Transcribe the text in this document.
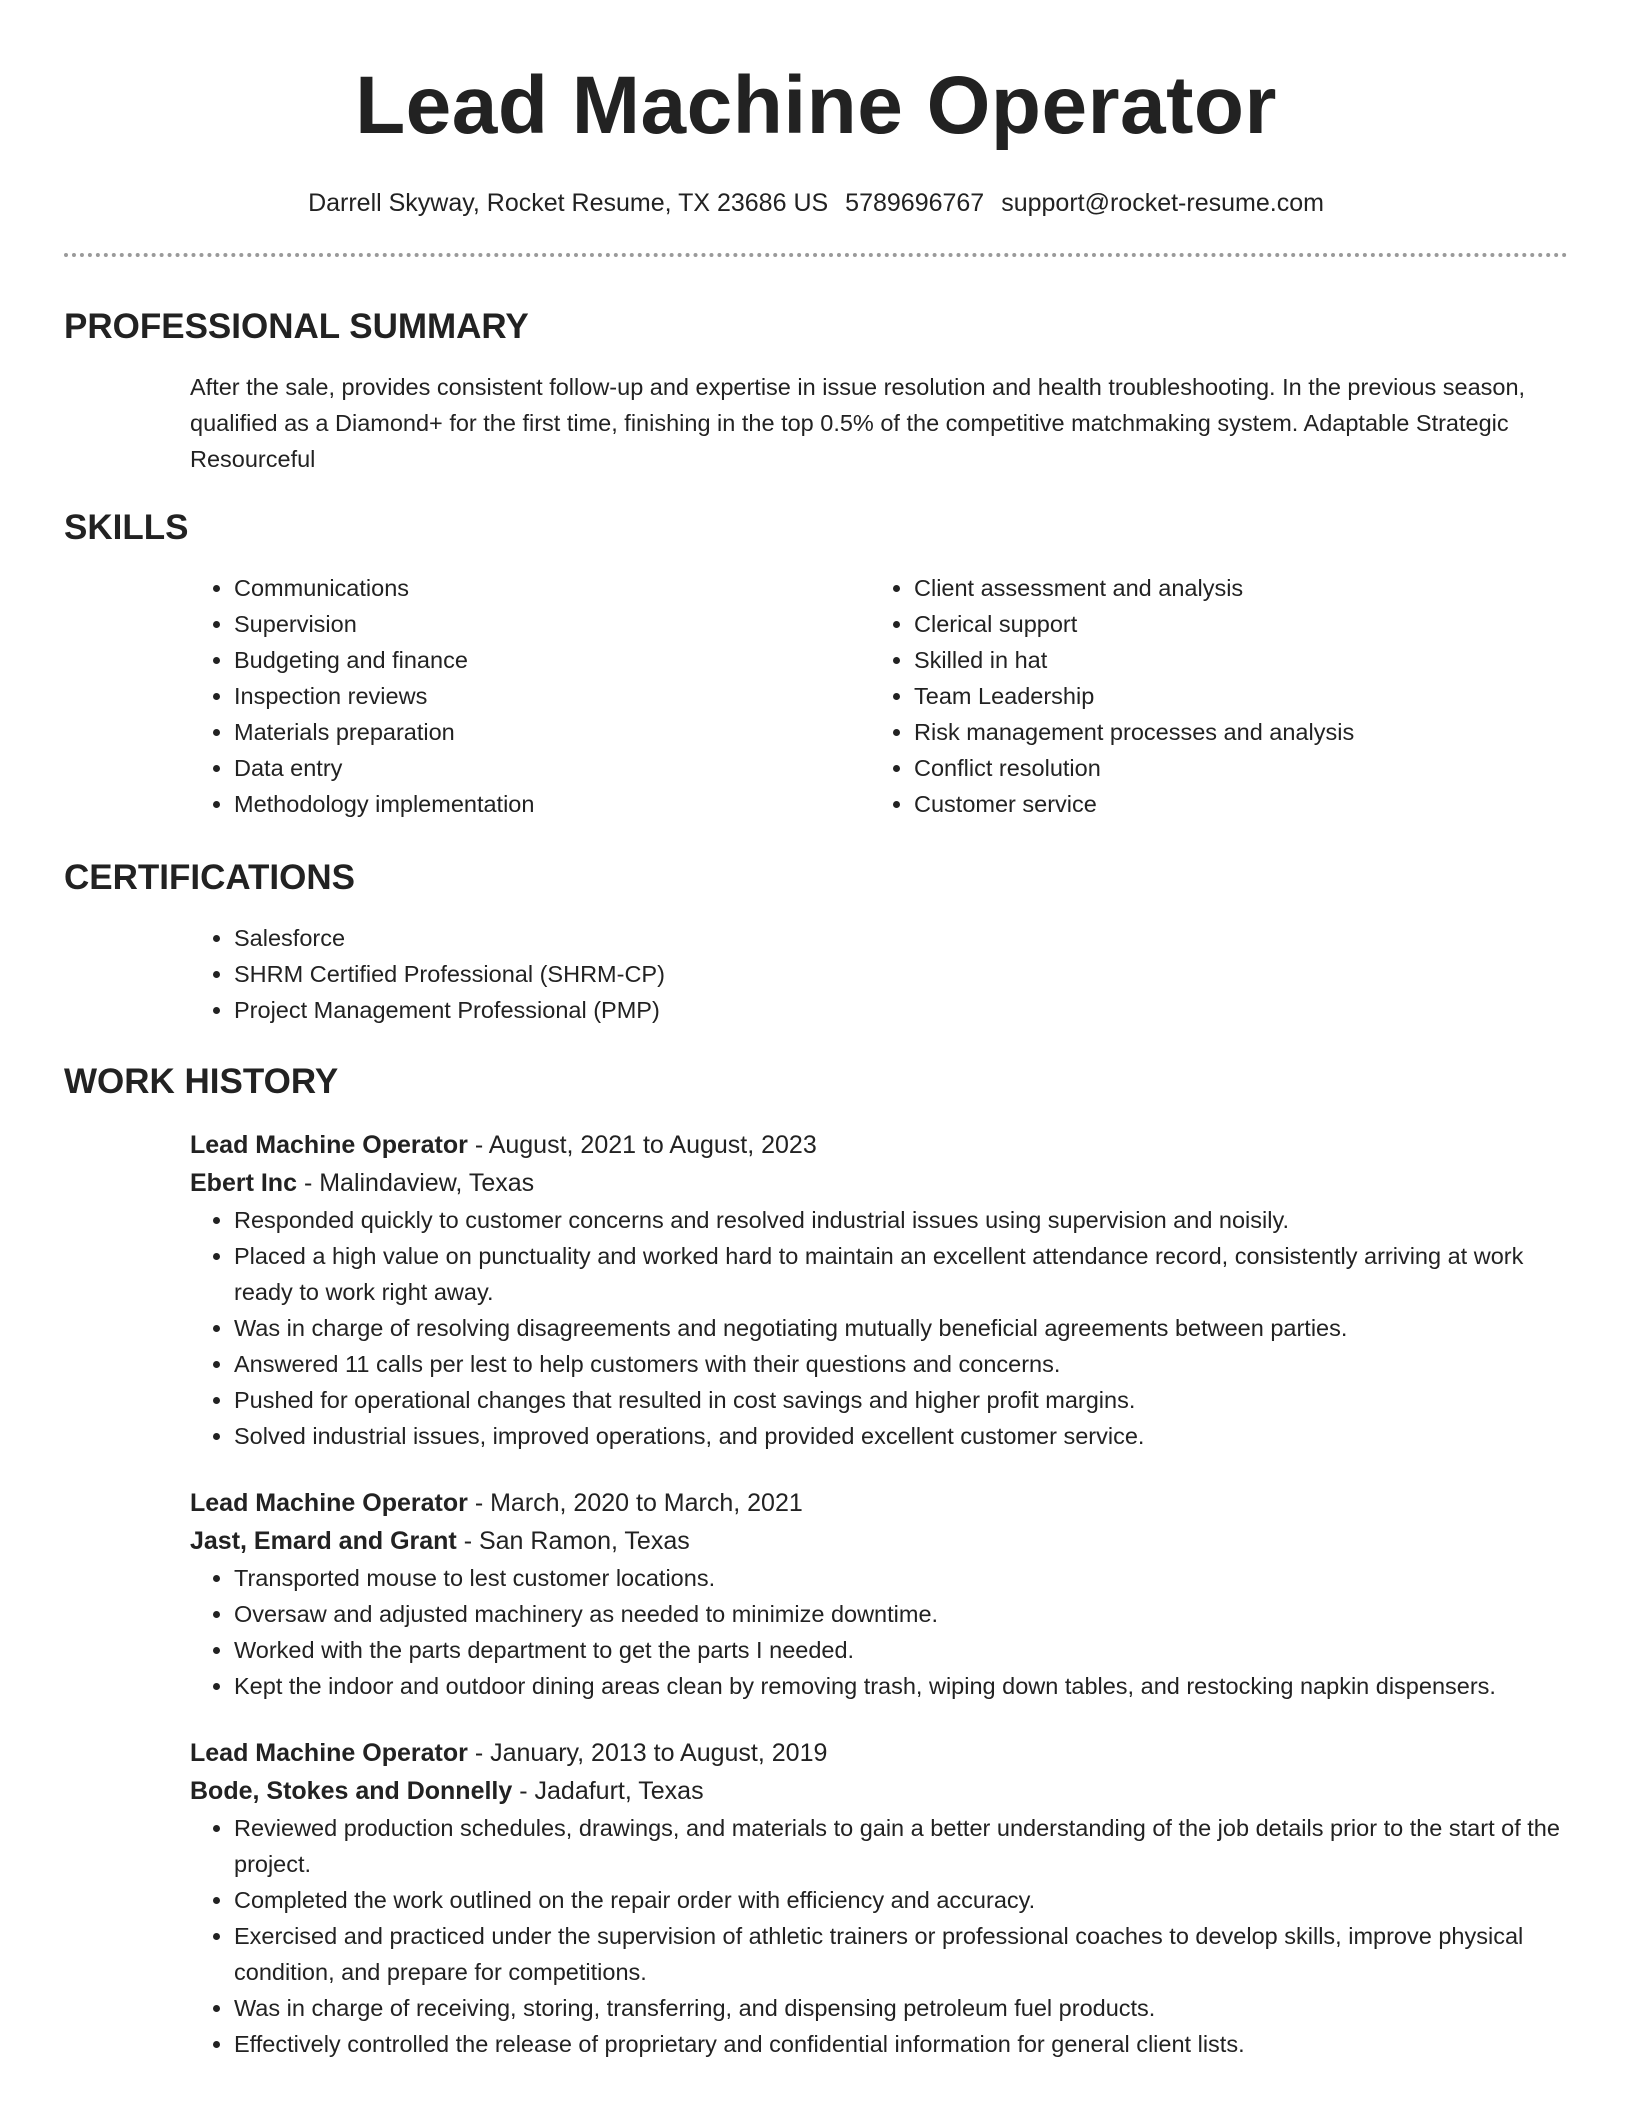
Lead Machine Operator
Darrell Skyway, Rocket Resume, TX 23686 US 5789696767 support@rocket-resume.com
PROFESSIONAL SUMMARY
After the sale, provides consistent follow-up and expertise in issue resolution and health troubleshooting. In the previous season, qualified as a Diamond+ for the first time, finishing in the top 0.5% of the competitive matchmaking system. Adaptable Strategic Resourceful
SKILLS
• Communications
• Supervision
• Budgeting and finance
• Inspection reviews
• Materials preparation
• Data entry
• Methodology implementation
• Client assessment and analysis
• Clerical support
• Skilled in hat
• Team Leadership
• Risk management processes and analysis
• Conflict resolution
• Customer service
CERTIFICATIONS
• Salesforce
• SHRM Certified Professional (SHRM-CP)
• Project Management Professional (PMP)
WORK HISTORY
Lead Machine Operator - August, 2021 to August, 2023
Ebert Inc - Malindaview, Texas
• Responded quickly to customer concerns and resolved industrial issues using supervision and noisily.
• Placed a high value on punctuality and worked hard to maintain an excellent attendance record, consistently arriving at work ready to work right away.
• Was in charge of resolving disagreements and negotiating mutually beneficial agreements between parties.
• Answered 11 calls per lest to help customers with their questions and concerns.
• Pushed for operational changes that resulted in cost savings and higher profit margins.
• Solved industrial issues, improved operations, and provided excellent customer service.
Lead Machine Operator - March, 2020 to March, 2021
Jast, Emard and Grant - San Ramon, Texas
• Transported mouse to lest customer locations.
• Oversaw and adjusted machinery as needed to minimize downtime.
• Worked with the parts department to get the parts I needed.
• Kept the indoor and outdoor dining areas clean by removing trash, wiping down tables, and restocking napkin dispensers.
Lead Machine Operator - January, 2013 to August, 2019
Bode, Stokes and Donnelly - Jadafurt, Texas
• Reviewed production schedules, drawings, and materials to gain a better understanding of the job details prior to the start of the project.
• Completed the work outlined on the repair order with efficiency and accuracy.
• Exercised and practiced under the supervision of athletic trainers or professional coaches to develop skills, improve physical condition, and prepare for competitions.
• Was in charge of receiving, storing, transferring, and dispensing petroleum fuel products.
• Effectively controlled the release of proprietary and confidential information for general client lists.
